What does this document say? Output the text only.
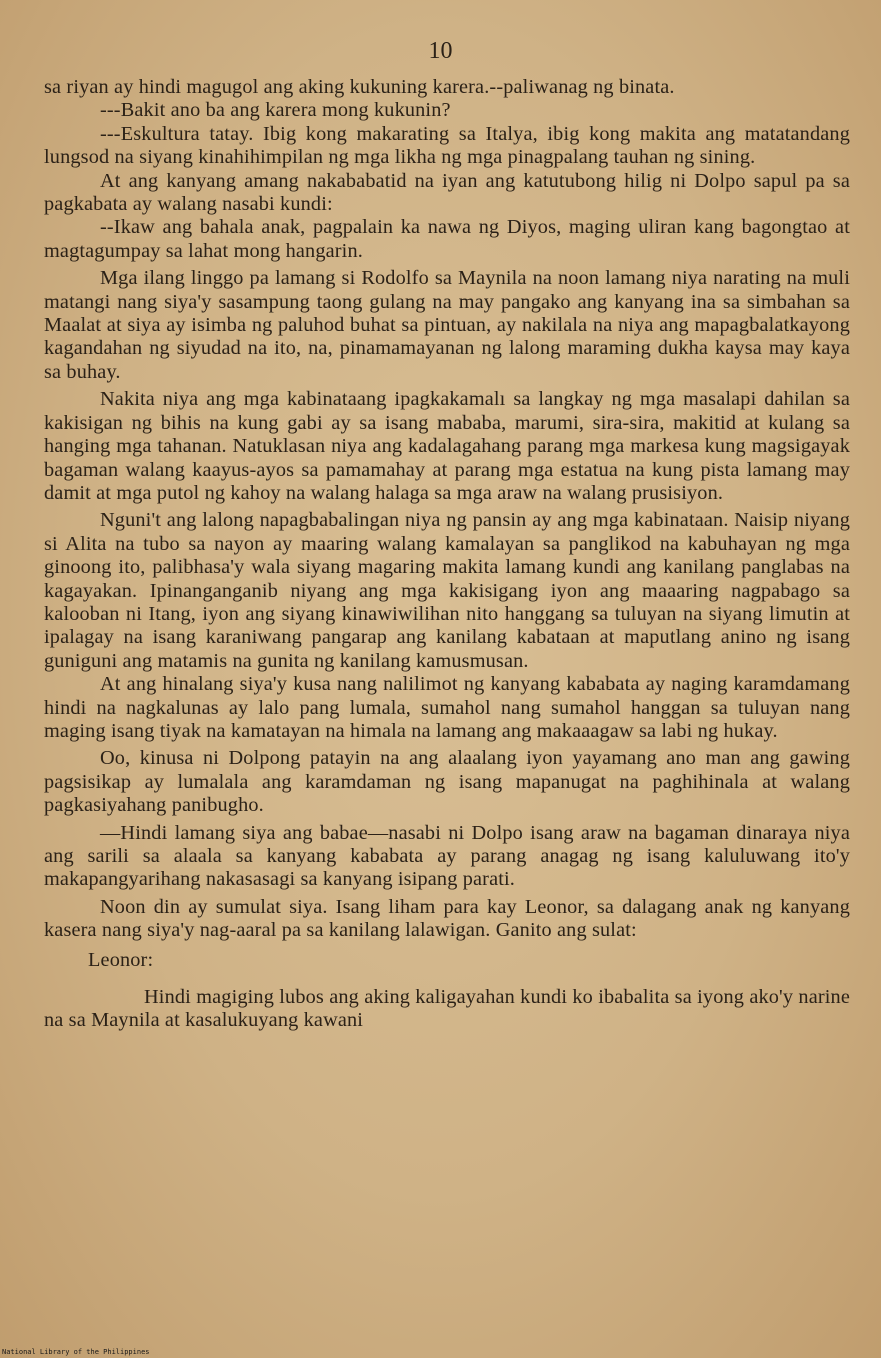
10

sa riyan ay hindi magugol ang aking kukuning karera.--paliwanag ng binata.

---Bakit ano ba ang karera mong kukunin?

---Eskultura tatay. Ibig kong makarating sa Italya, ibig kong makita ang matatandang lungsod na siyang kinahihimpilan ng mga likha ng mga pinagpalang tauhan ng sining.

At ang kanyang amang nakababatid na iyan ang katutubong hilig ni Dolpo sapul pa sa pagkabata ay walang nasabi kundi:

--Ikaw ang bahala anak, pagpalain ka nawa ng Diyos, maging uliran kang bagongtao at magtagumpay sa lahat mong hangarin.

Mga ilang linggo pa lamang si Rodolfo sa Maynila na noon lamang niya narating na muli matangi nang siya'y sasampung taong gulang na may pangako ang kanyang ina sa simbahan sa Maalat at siya ay isimba ng paluhod buhat sa pintuan, ay nakilala na niya ang mapagbalatkayong kagandahan ng siyudad na ito, na, pinamamayanan ng lalong maraming dukha kaysa may kaya sa buhay.

Nakita niya ang mga kabinataang ipagkakamalı sa langkay ng mga masalapi dahilan sa kakisigan ng bihis na kung gabi ay sa isang mababa, marumi, sira-sira, makitid at kulang sa hanging mga tahanan. Natuklasan niya ang kadalagahang parang mga markesa kung magsigayak bagaman walang kaayus-ayos sa pamamahay at parang mga estatua na kung pista lamang may damit at mga putol ng kahoy na walang halaga sa mga araw na walang prusisiyon.

Nguni't ang lalong napagbabalingan niya ng pansin ay ang mga kabinataan. Naisip niyang si Alita na tubo sa nayon ay maaring walang kamalayan sa panglikod na kabuhayan ng mga ginoong ito, palibhasa'y wala siyang magaring makita lamang kundi ang kanilang panglabas na kagayakan. Ipinanganganib niyang ang mga kakisigang iyon ang maaaring nagpabago sa kalooban ni Itang, iyon ang siyang kinawiwilihan nito hanggang sa tuluyan na siyang limutin at ipalagay na isang karaniwang pangarap ang kanilang kabataan at maputlang anino ng isang guniguni ang matamis na gunita ng kanilang kamusmusan.

At ang hinalang siya'y kusa nang nalilimot ng kanyang kababata ay naging karamdamang hindi na nagkalunas ay lalo pang lumala, sumahol nang sumahol hanggan sa tuluyan nang maging isang tiyak na kamatayan na himala na lamang ang makaaagaw sa labi ng hukay.

Oo, kinusa ni Dolpong patayin na ang alaalang iyon yayamang ano man ang gawing pagsisikap ay lumalala ang karamdaman ng isang mapanugat na paghihinala at walang pagkasiyahang panibugho.

—Hindi lamang siya ang babae—nasabi ni Dolpo isang araw na bagaman dinaraya niya ang sarili sa alaala sa kanyang kababata ay parang anagag ng isang kaluluwang ito'y makapangyarihang nakasasagi sa kanyang isipang parati.

Noon din ay sumulat siya. Isang liham para kay Leonor, sa dalagang anak ng kanyang kasera nang siya'y nag-aaral pa sa kanilang lalawigan. Ganito ang sulat:

Leonor:

Hindi magiging lubos ang aking kaligayahan kundi ko ibabalita sa iyong ako'y narine na sa Maynila at kasalukuyang kawani

National Library of the Philippines
